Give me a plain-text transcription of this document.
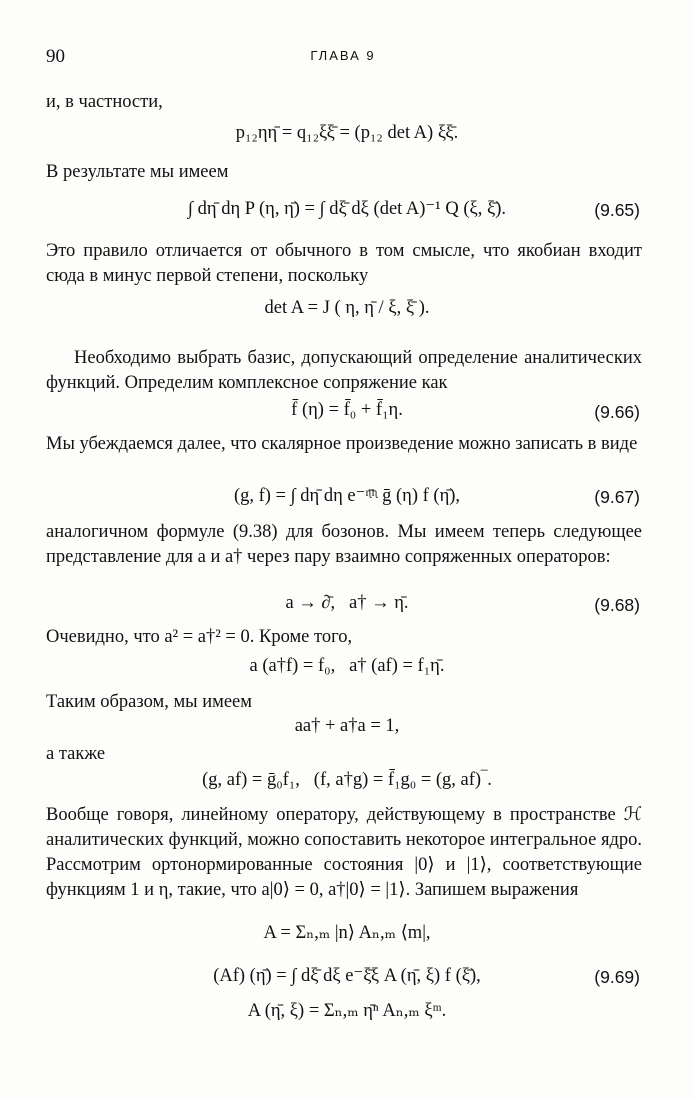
90	ГЛАВА 9
и, в частности,
p₁₂ηη̄ = q₁₂ξξ̄ = (p₁₂ det A) ξξ̄.
В результате мы имеем
∫ dη̄ dη P (η, η̄) = ∫ dξ̄ dξ (det A)⁻¹ Q (ξ, ξ̄).	(9.65)
Это правило отличается от обычного в том смысле, что якобиан входит сюда в минус первой степени, поскольку
det A = J ( η, η̄ / ξ, ξ̄ ).
Необходимо выбрать базис, допускающий определение аналитических функций. Определим комплексное сопряжение как
f̄ (η) = f̄₀ + f̄₁η.	(9.66)
Мы убеждаемся далее, что скалярное произведение можно записать в виде
(g, f) = ∫ dη̄ dη e⁻ᶯ̄ᶯ ḡ (η) f (η̄),	(9.67)
аналогичном формуле (9.38) для бозонов. Мы имеем теперь следующее представление для a и a† через пару взаимно сопряженных операторов:
a → ∂̄,   a† → η̄.	(9.68)
Очевидно, что a² = a†² = 0. Кроме того,
a (a†f) = f₀,   a† (af) = f₁η̄.
Таким образом, мы имеем
aa† + a†a = 1,
а также
(g, af) = ḡ₀f₁,   (f, a†g) = f̄₁g₀ = (g, af)‾.
Вообще говоря, линейному оператору, действующему в пространстве ℋ аналитических функций, можно сопоставить некоторое интегральное ядро. Рассмотрим ортонормированные состояния |0⟩ и |1⟩, соответствующие функциям 1 и η, такие, что a|0⟩ = 0, a†|0⟩ = |1⟩. Запишем выражения
A = Σₙ,ₘ |n⟩ Aₙ,ₘ ⟨m|,
(Af) (η̄) = ∫ dξ̄ dξ e⁻ξ̄ξ A (η̄, ξ) f (ξ̄),	(9.69)
A (η̄, ξ) = Σₙ,ₘ η̄ⁿ Aₙ,ₘ ξᵐ.
